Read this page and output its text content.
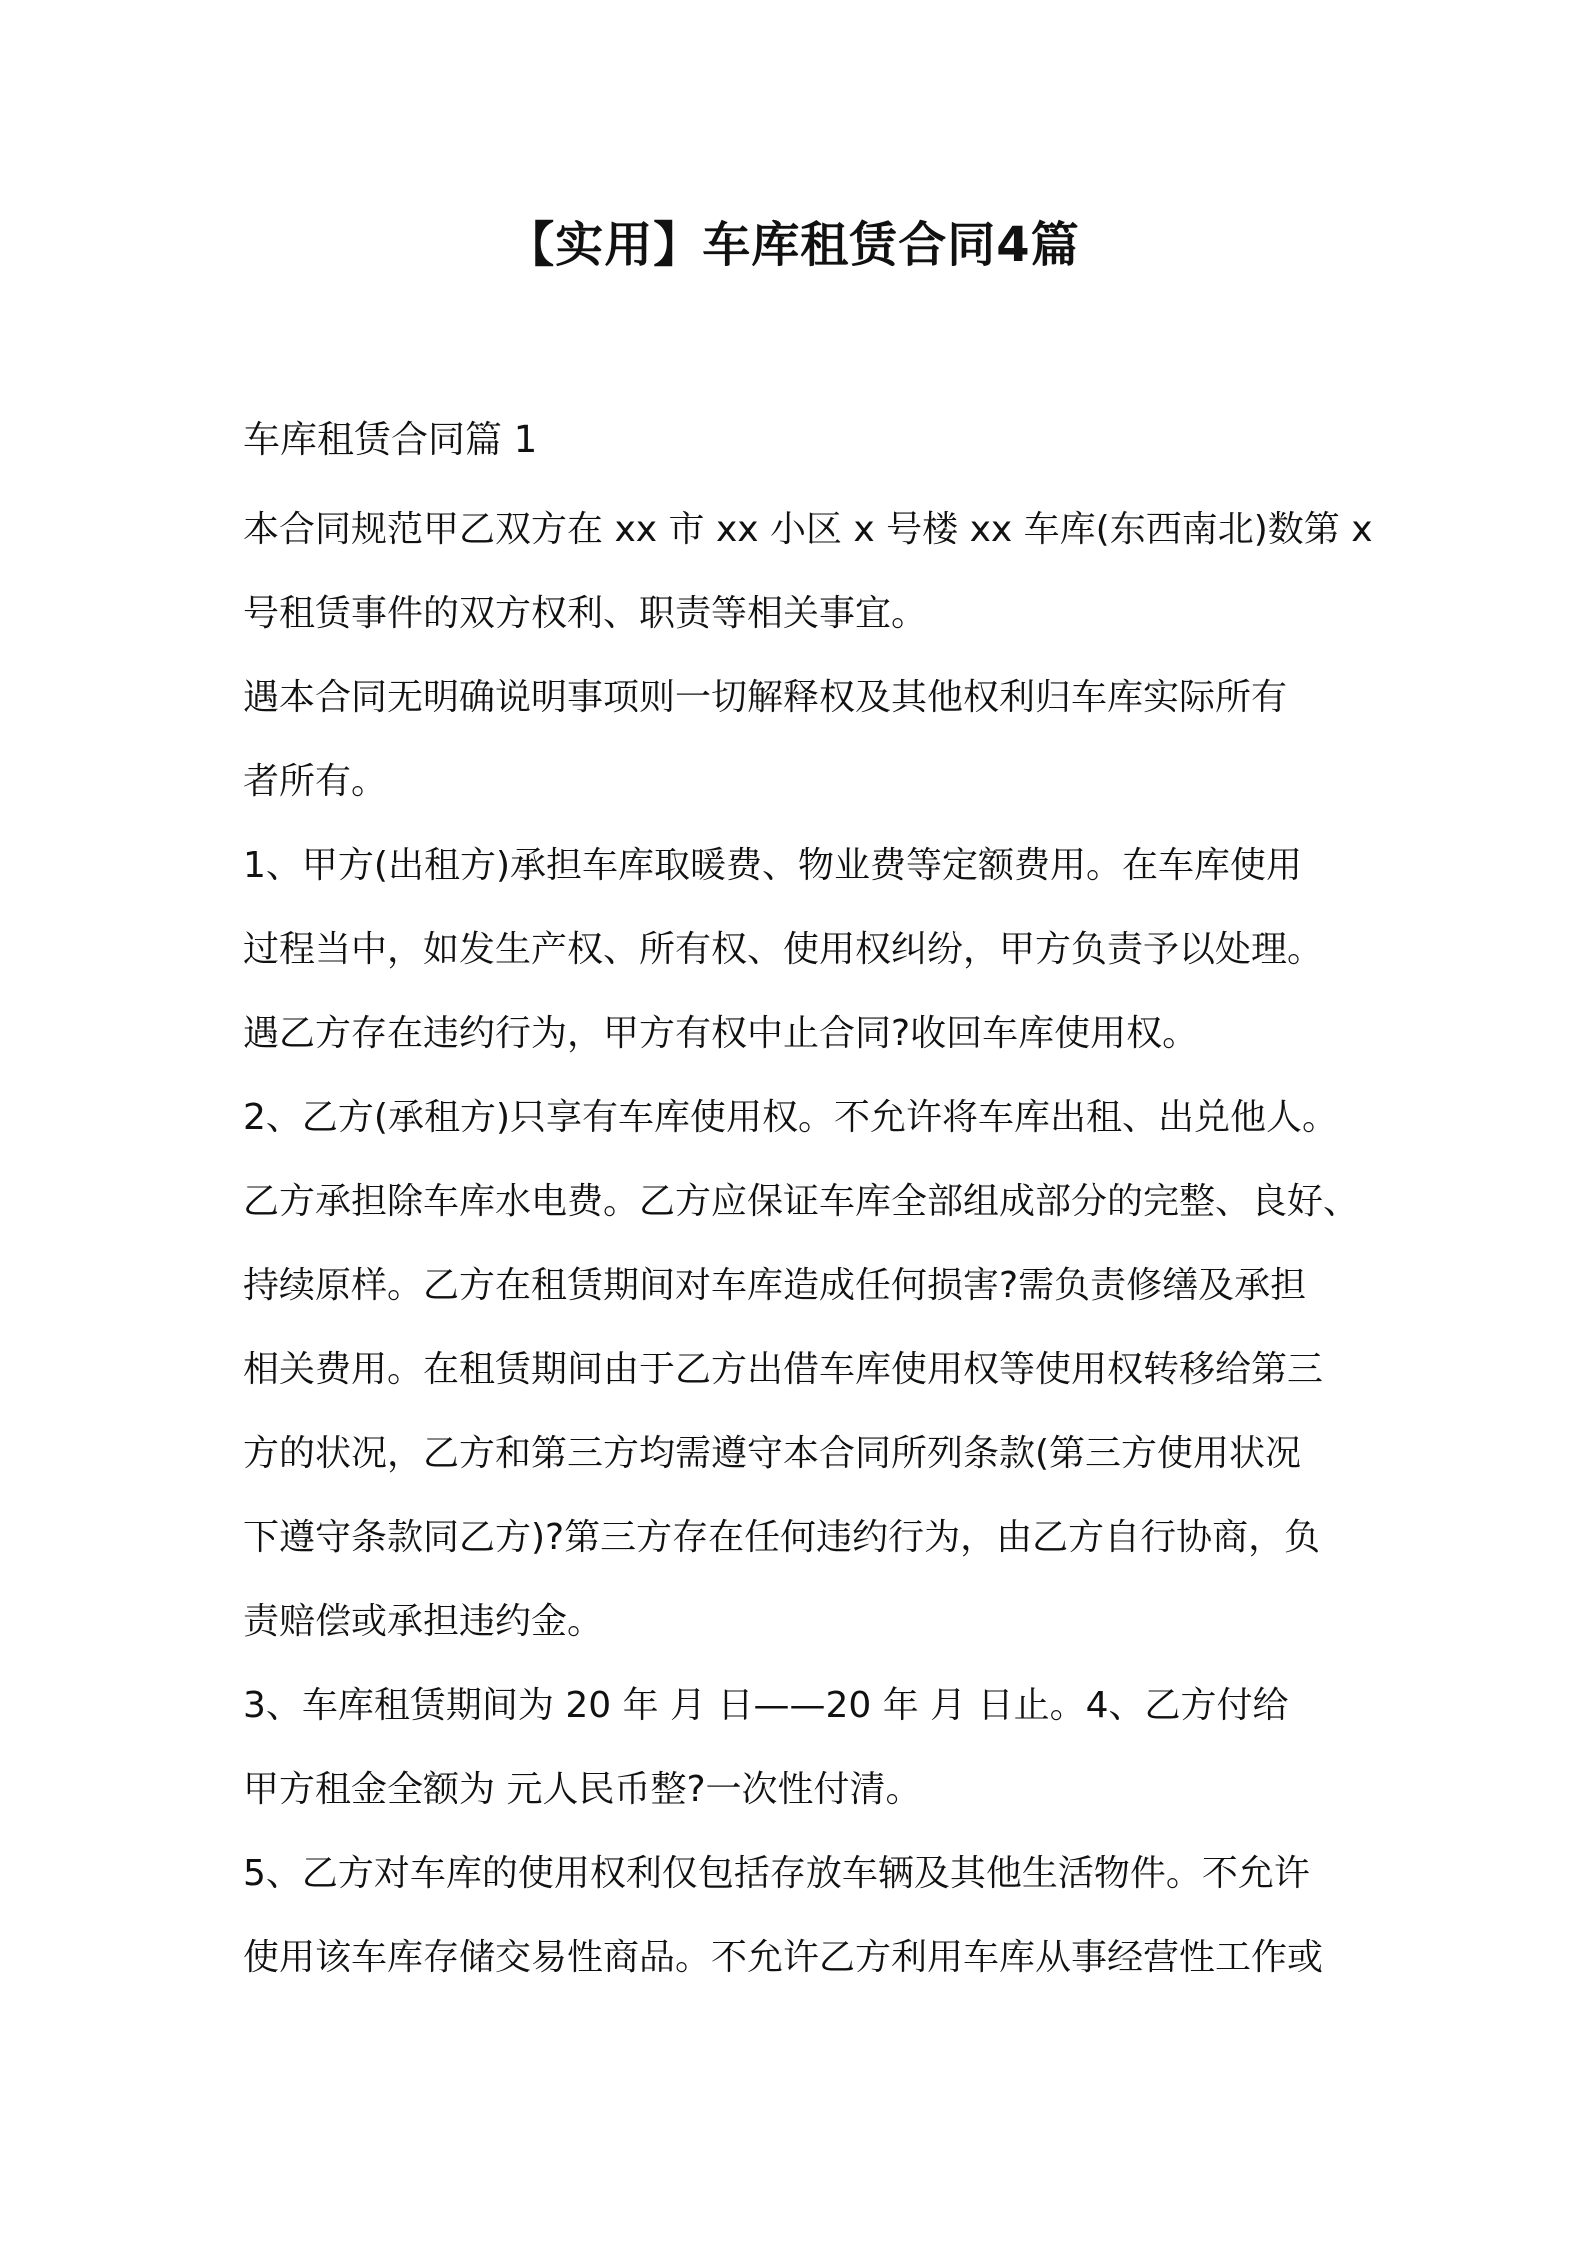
【实用】车库租赁合同4篇
车库租赁合同篇 1
本合同规范甲乙双方在 xx 市 xx 小区 x 号楼 xx 车库(东西南北)数第 x
号租赁事件的双方权利、职责等相关事宜。
遇本合同无明确说明事项则一切解释权及其他权利归车库实际所有
者所有。
1、甲方(出租方)承担车库取暖费、物业费等定额费用。在车库使用
过程当中，如发生产权、所有权、使用权纠纷，甲方负责予以处理。
遇乙方存在违约行为，甲方有权中止合同?收回车库使用权。
2、乙方(承租方)只享有车库使用权。不允许将车库出租、出兑他人。
乙方承担除车库水电费。乙方应保证车库全部组成部分的完整、良好、
持续原样。乙方在租赁期间对车库造成任何损害?需负责修缮及承担
相关费用。在租赁期间由于乙方出借车库使用权等使用权转移给第三
方的状况，乙方和第三方均需遵守本合同所列条款(第三方使用状况
下遵守条款同乙方)?第三方存在任何违约行为，由乙方自行协商，负
责赔偿或承担违约金。
3、车库租赁期间为 20 年 月 日——20 年 月 日止。4、乙方付给
甲方租金全额为 元人民币整?一次性付清。
5、乙方对车库的使用权利仅包括存放车辆及其他生活物件。不允许
使用该车库存储交易性商品。不允许乙方利用车库从事经营性工作或
